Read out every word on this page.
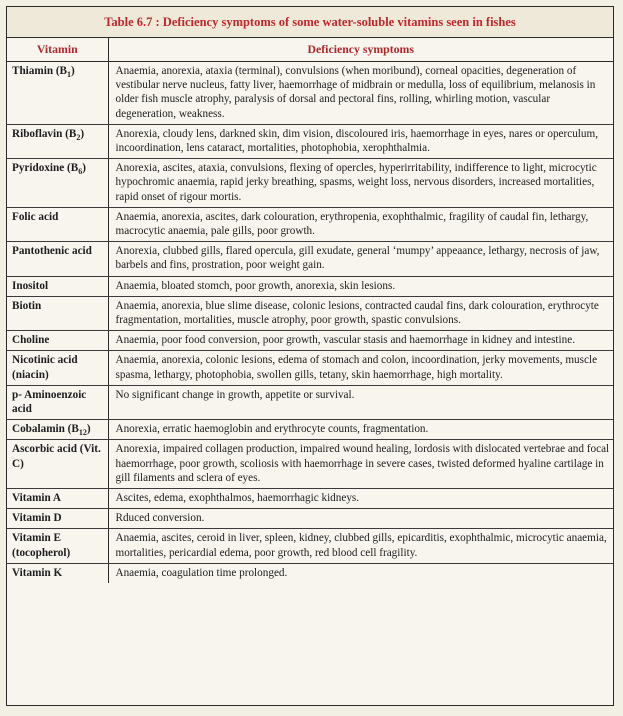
Table 6.7 : Deficiency symptoms of some water-soluble vitamins seen in fishes
Vitamin	Deficiency symptoms
Thiamin $(B_1)$	Anaemia, anorexia, ataxia (terminal), convulsions (when moribund), corneal opacities, degeneration of vestibular nerve nucleus, fatty liver, haemorrhage of midbrain or medulla, loss of equilibrium, melanosis in older fish muscle atrophy, paralysis of dorsal and pectoral fins, rolling, whirling motion, vascular degeneration, weakness.
Riboflavin $(B_2)$	Anorexia, cloudy lens, darkned skin, dim vision, discoloured iris, haemorrhage in eyes, nares or operculum, incoordination, lens cataract, mortalities, photophobia, xerophthalmia.
Pyridoxine $(B_6)$	Anorexia, ascites, ataxia, convulsions, flexing of opercles, hyperirritability, indifference to light, microcytic hypochromic anaemia, rapid jerky breathing, spasms, weight loss, nervous disorders, increased mortalities, rapid onset of rigour mortis.
Folic acid	Anaemia, anorexia, ascites, dark colouration, erythropenia, exophthalmic, fragility of caudal fin, lethargy, macrocytic anaemia, pale gills, poor growth.
Pantothenic acid	Anorexia, clubbed gills, flared opercula, gill exudate, general ‘mumpy’ appeaance, lethargy, necrosis of jaw, barbels and fins, prostration, poor weight gain.
Inositol	Anaemia, bloated stomch, poor growth, anorexia, skin lesions.
Biotin	Anaemia, anorexia, blue slime disease, colonic lesions, contracted caudal fins, dark colouration, erythrocyte fragmentation, mortalities, muscle atrophy, poor growth, spastic convulsions.
Choline	Anaemia, poor food conversion, poor growth, vascular stasis and haemorrhage in kidney and intestine.
Nicotinic acid (niacin)	Anaemia, anorexia, colonic lesions, edema of stomach and colon, incoordination, jerky movements, muscle spasma, lethargy, photophobia, swollen gills, tetany, skin haemorrhage, high mortality.
p- Aminoenzoic acid	No significant change in growth, appetite or survival.
Cobalamin $(B_{12})$	Anorexia, erratic haemoglobin and erythrocyte counts, fragmentation.
Ascorbic acid (Vit. C)	Anorexia, impaired collagen production, impaired wound healing, lordosis with dislocated vertebrae and focal haemorrhage, poor growth, scoliosis with haemorrhage in severe cases, twisted deformed hyaline cartilage in gill filaments and sclera of eyes.
Vitamin A	Ascites, edema, exophthalmos, haemorrhagic kidneys.
Vitamin D	Rduced conversion.
Vitamin E (tocopherol)	Anaemia, ascites, ceroid in liver, spleen, kidney, clubbed gills, epicarditis, exophthalmic, microcytic anaemia, mortalities, pericardial edema, poor growth, red blood cell fragility.
Vitamin K	Anaemia, coagulation time prolonged.
